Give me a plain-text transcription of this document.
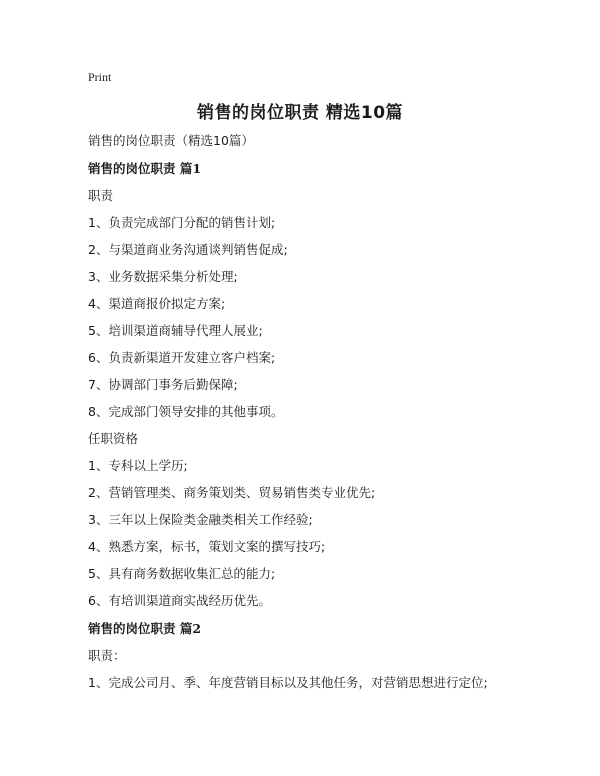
Print
销售的岗位职责 精选10篇
销售的岗位职责（精选10篇）
销售的岗位职责 篇1
职责
1、负责完成部门分配的销售计划;
2、与渠道商业务沟通谈判销售促成;
3、业务数据采集分析处理;
4、渠道商报价拟定方案;
5、培训渠道商辅导代理人展业;
6、负责新渠道开发建立客户档案;
7、协调部门事务后勤保障;
8、完成部门领导安排的其他事项。
任职资格
1、专科以上学历;
2、营销管理类、商务策划类、贸易销售类专业优先;
3、三年以上保险类金融类相关工作经验;
4、熟悉方案，标书，策划文案的撰写技巧;
5、具有商务数据收集汇总的能力;
6、有培训渠道商实战经历优先。
销售的岗位职责 篇2
职责：
1、完成公司月、季、年度营销目标以及其他任务，对营销思想进行定位;
